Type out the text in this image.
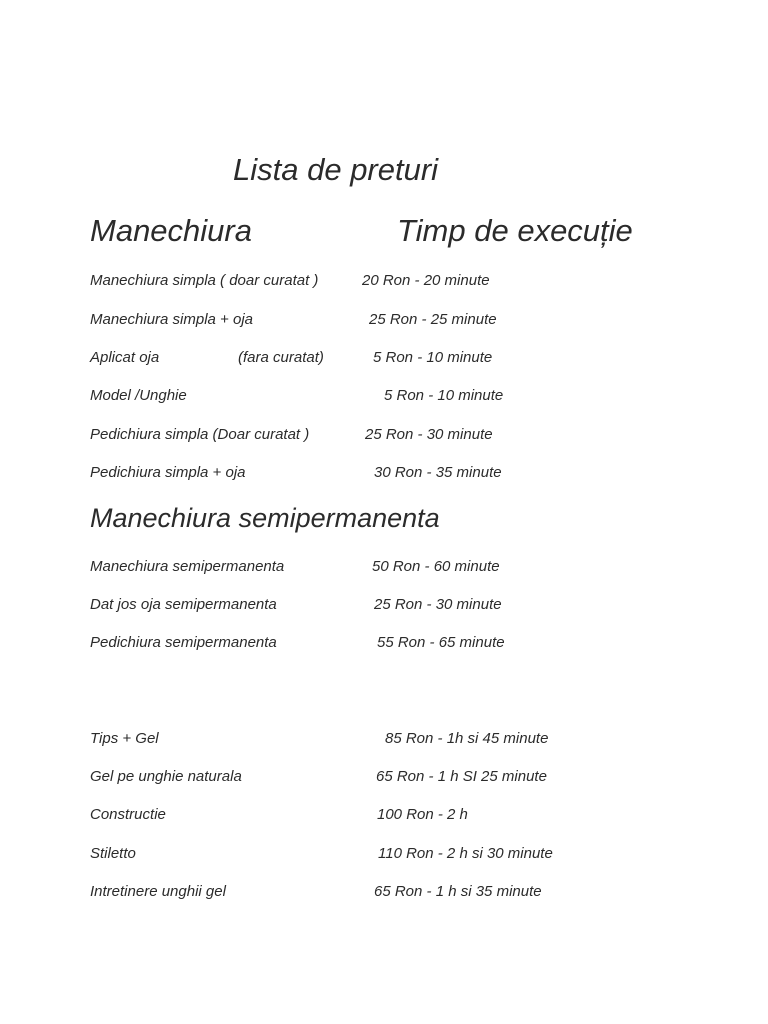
Lista de preturi
Manechiura	Timp de execuție
Manechiura simpla ( doar curatat )	20 Ron - 20 minute
Manechiura simpla + oja	25 Ron - 25 minute
Aplicat oja	(fara curatat)	5 Ron - 10 minute
Model /Unghie	5 Ron - 10 minute
Pedichiura simpla (Doar curatat )	25 Ron - 30 minute
Pedichiura simpla + oja	30 Ron - 35 minute
Manechiura semipermanenta
Manechiura semipermanenta	50 Ron - 60 minute
Dat jos oja semipermanenta	25 Ron - 30 minute
Pedichiura semipermanenta	55 Ron - 65 minute
Tips + Gel	85 Ron - 1h si 45 minute
Gel pe unghie naturala	65 Ron - 1 h SI 25 minute
Constructie	100 Ron - 2 h
Stiletto	110 Ron - 2 h si 30 minute
Intretinere unghii gel	65 Ron - 1 h si 35 minute
